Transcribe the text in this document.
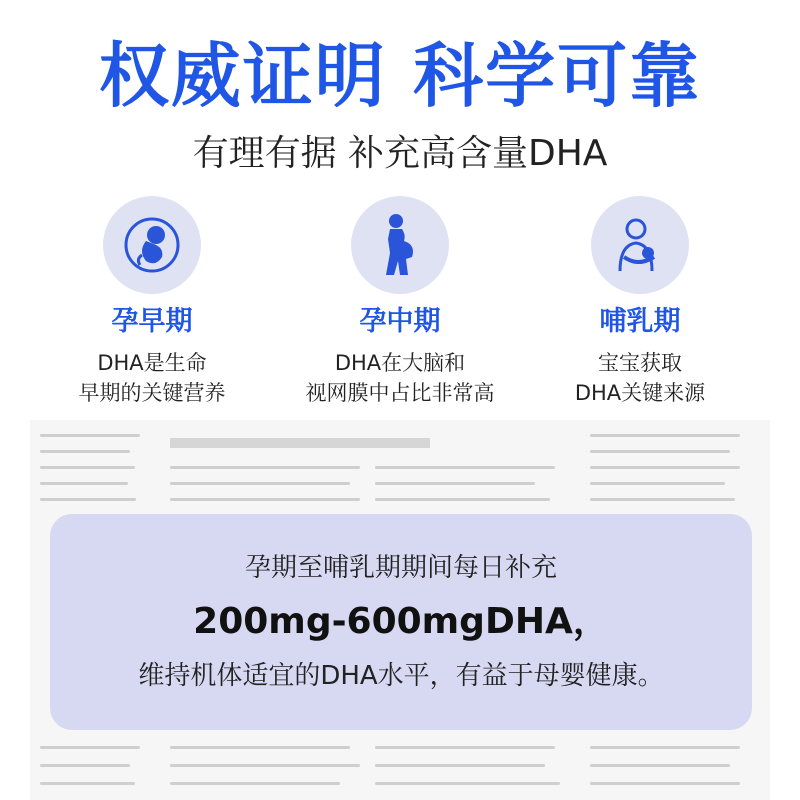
权威证明 科学可靠
有理有据 补充高含量DHA
孕早期
DHA是生命
早期的关键营养
孕中期
DHA在大脑和
视网膜中占比非常高
哺乳期
宝宝获取
DHA关键来源
孕期至哺乳期期间每日补充
200mg-600mgDHA，
维持机体适宜的DHA水平，有益于母婴健康。
